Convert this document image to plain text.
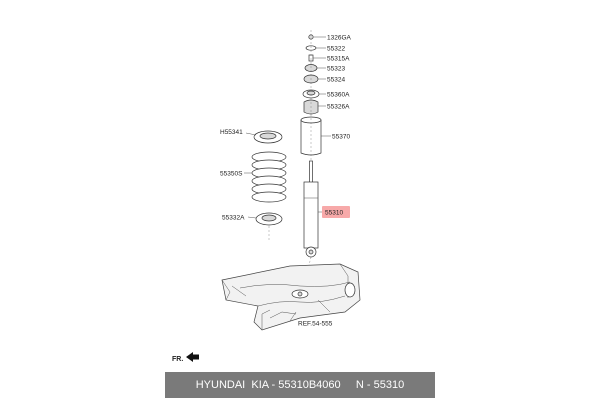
1326GA
55322
55315A
55323
55324
55360A
55326A
55370
H55341
55350S
55310
55332A
REF.54-555
FR.
HYUNDAI  KIA - 55310B4060     N - 55310
